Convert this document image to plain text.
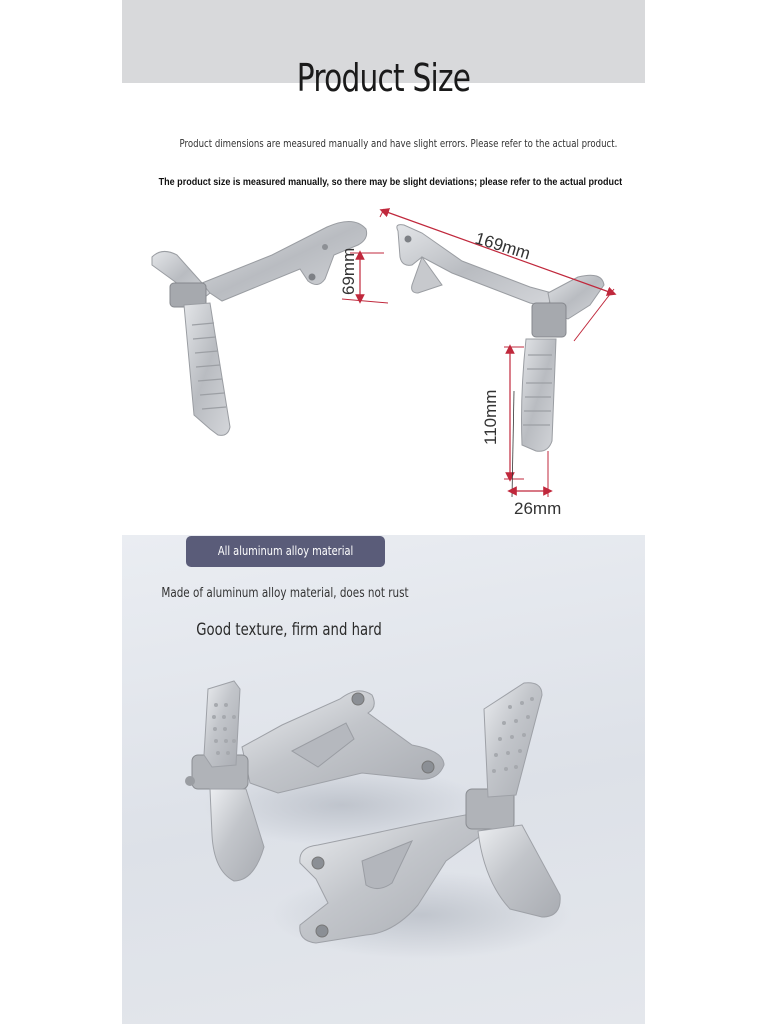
Product Size
Product dimensions are measured manually and have slight errors. Please refer to the actual product.
The product size is measured manually, so there may be slight deviations; please refer to the actual product
169mm
69mm
110mm
26mm
All aluminum alloy material
Made of aluminum alloy material, does not rust
Good texture, firm and hard
